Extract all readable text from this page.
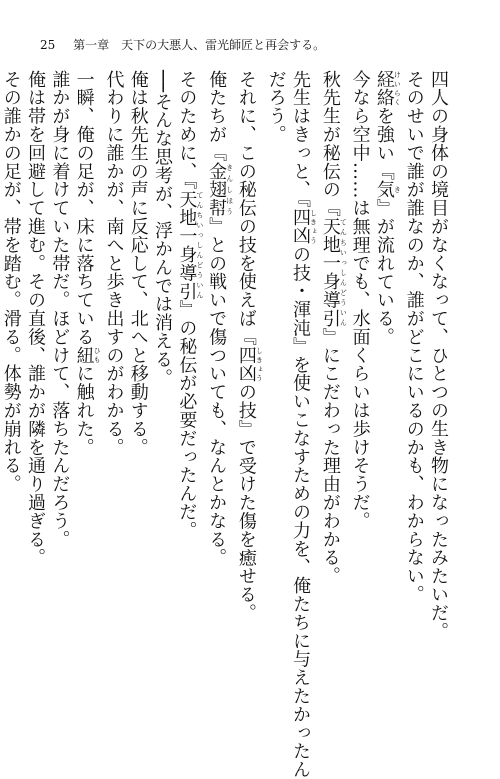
25 第一章　天下の大悪人、雷光師匠と再会する。
四人の身体の境目がなくなって、ひとつの生き物になったみたいだ。
そのせいで誰が誰なのか、誰がどこにいるのかも、わからない。
経絡けいらくを強い『気き』が流れている。
今なら空中……は無理でも、水面くらいは歩けそうだ。
秋先生が秘伝の『天地一身導引てんちいっしんどういん』にこだわった理由がわかる。
先生はきっと、『四凶しきょうの技・渾沌』を使いこなすための力を、俺たちに与えたかったん
だろう。
それに、この秘伝の技を使えば『四凶しきょうの技』で受けた傷を癒せる。
俺たちが『金翅幇きんしほう』との戦いで傷ついても、なんとかなる。
そのために、『天地一身導引てんちいっしんどういん』の秘伝が必要だったんだ。
──そんな思考が、浮かんでは消える。
俺は秋先生の声に反応して、北へと移動する。
代わりに誰かが、南へと歩き出すのがわかる。
一瞬、俺の足が、床に落ちている紐ひもに触れた。
誰かが身に着けていた帯だ。ほどけて、落ちたんだろう。
俺は帯を回避して進む。その直後、誰かが隣を通り過ぎる。
その誰かの足が、帯を踏む。滑る。体勢が崩れる。
